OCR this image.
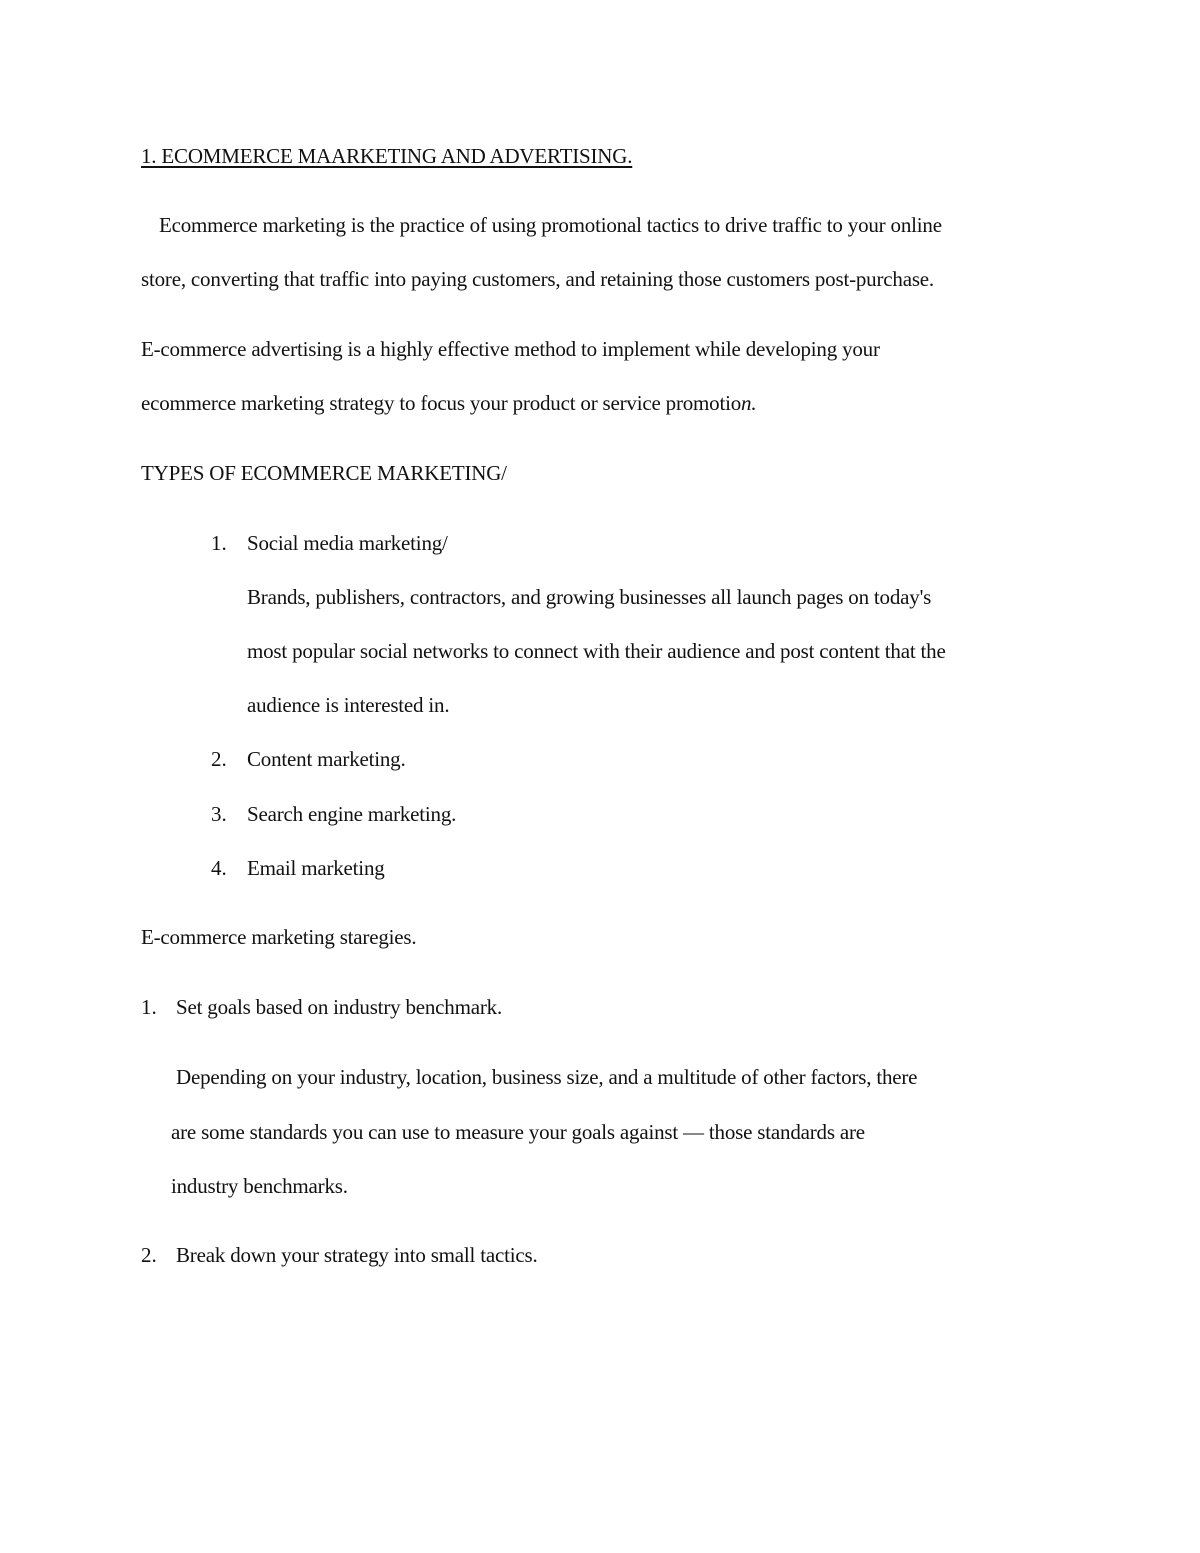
1. ECOMMERCE MAARKETING AND ADVERTISING.
Ecommerce marketing is the practice of using promotional tactics to drive traffic to your online
store, converting that traffic into paying customers, and retaining those customers post-purchase.
E-commerce advertising is a highly effective method to implement while developing your
ecommerce marketing strategy to focus your product or service promotion.
TYPES OF ECOMMERCE MARKETING/
1. Social media marketing/
Brands, publishers, contractors, and growing businesses all launch pages on today's
most popular social networks to connect with their audience and post content that the
audience is interested in.
2. Content marketing.
3. Search engine marketing.
4. Email marketing
E-commerce marketing staregies.
1. Set goals based on industry benchmark.
Depending on your industry, location, business size, and a multitude of other factors, there
are some standards you can use to measure your goals against — those standards are
industry benchmarks.
2. Break down your strategy into small tactics.
